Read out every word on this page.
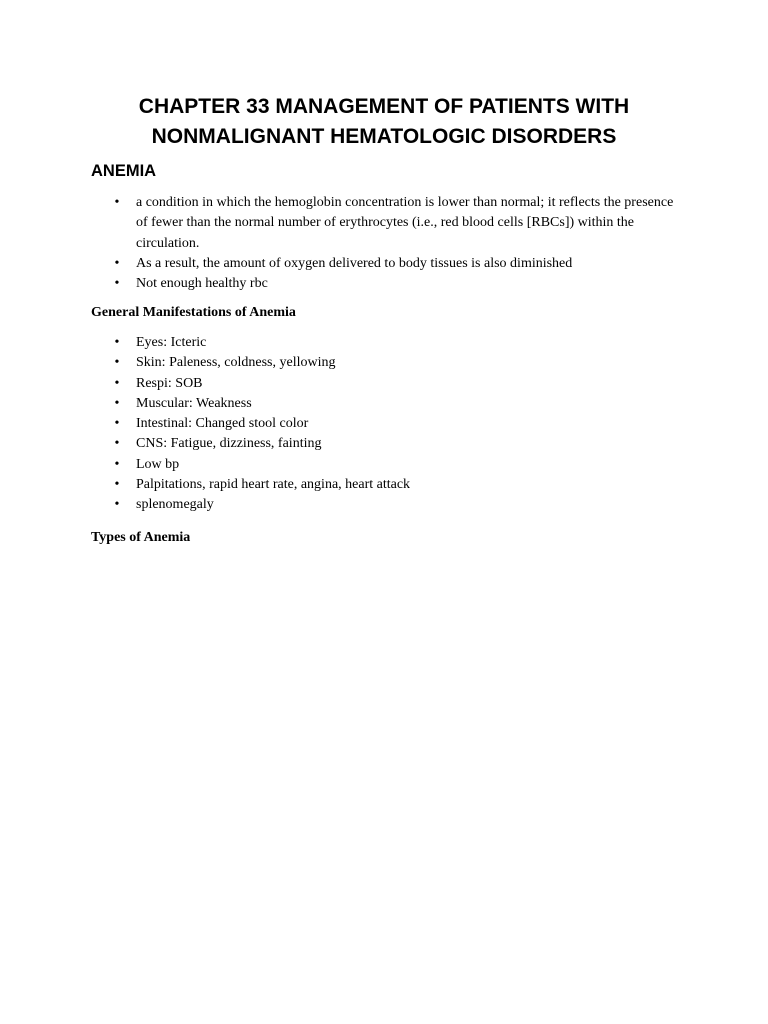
CHAPTER 33 MANAGEMENT OF PATIENTS WITH
NONMALIGNANT HEMATOLOGIC DISORDERS
ANEMIA
• a condition in which the hemoglobin concentration is lower than normal; it reflects the presence of fewer than the normal number of erythrocytes (i.e., red blood cells [RBCs]) within the circulation.
• As a result, the amount of oxygen delivered to body tissues is also diminished
• Not enough healthy rbc
General Manifestations of Anemia
• Eyes: Icteric
• Skin: Paleness, coldness, yellowing
• Respi: SOB
• Muscular: Weakness
• Intestinal: Changed stool color
• CNS: Fatigue, dizziness, fainting
• Low bp
• Palpitations, rapid heart rate, angina, heart attack
• splenomegaly
Types of Anemia
